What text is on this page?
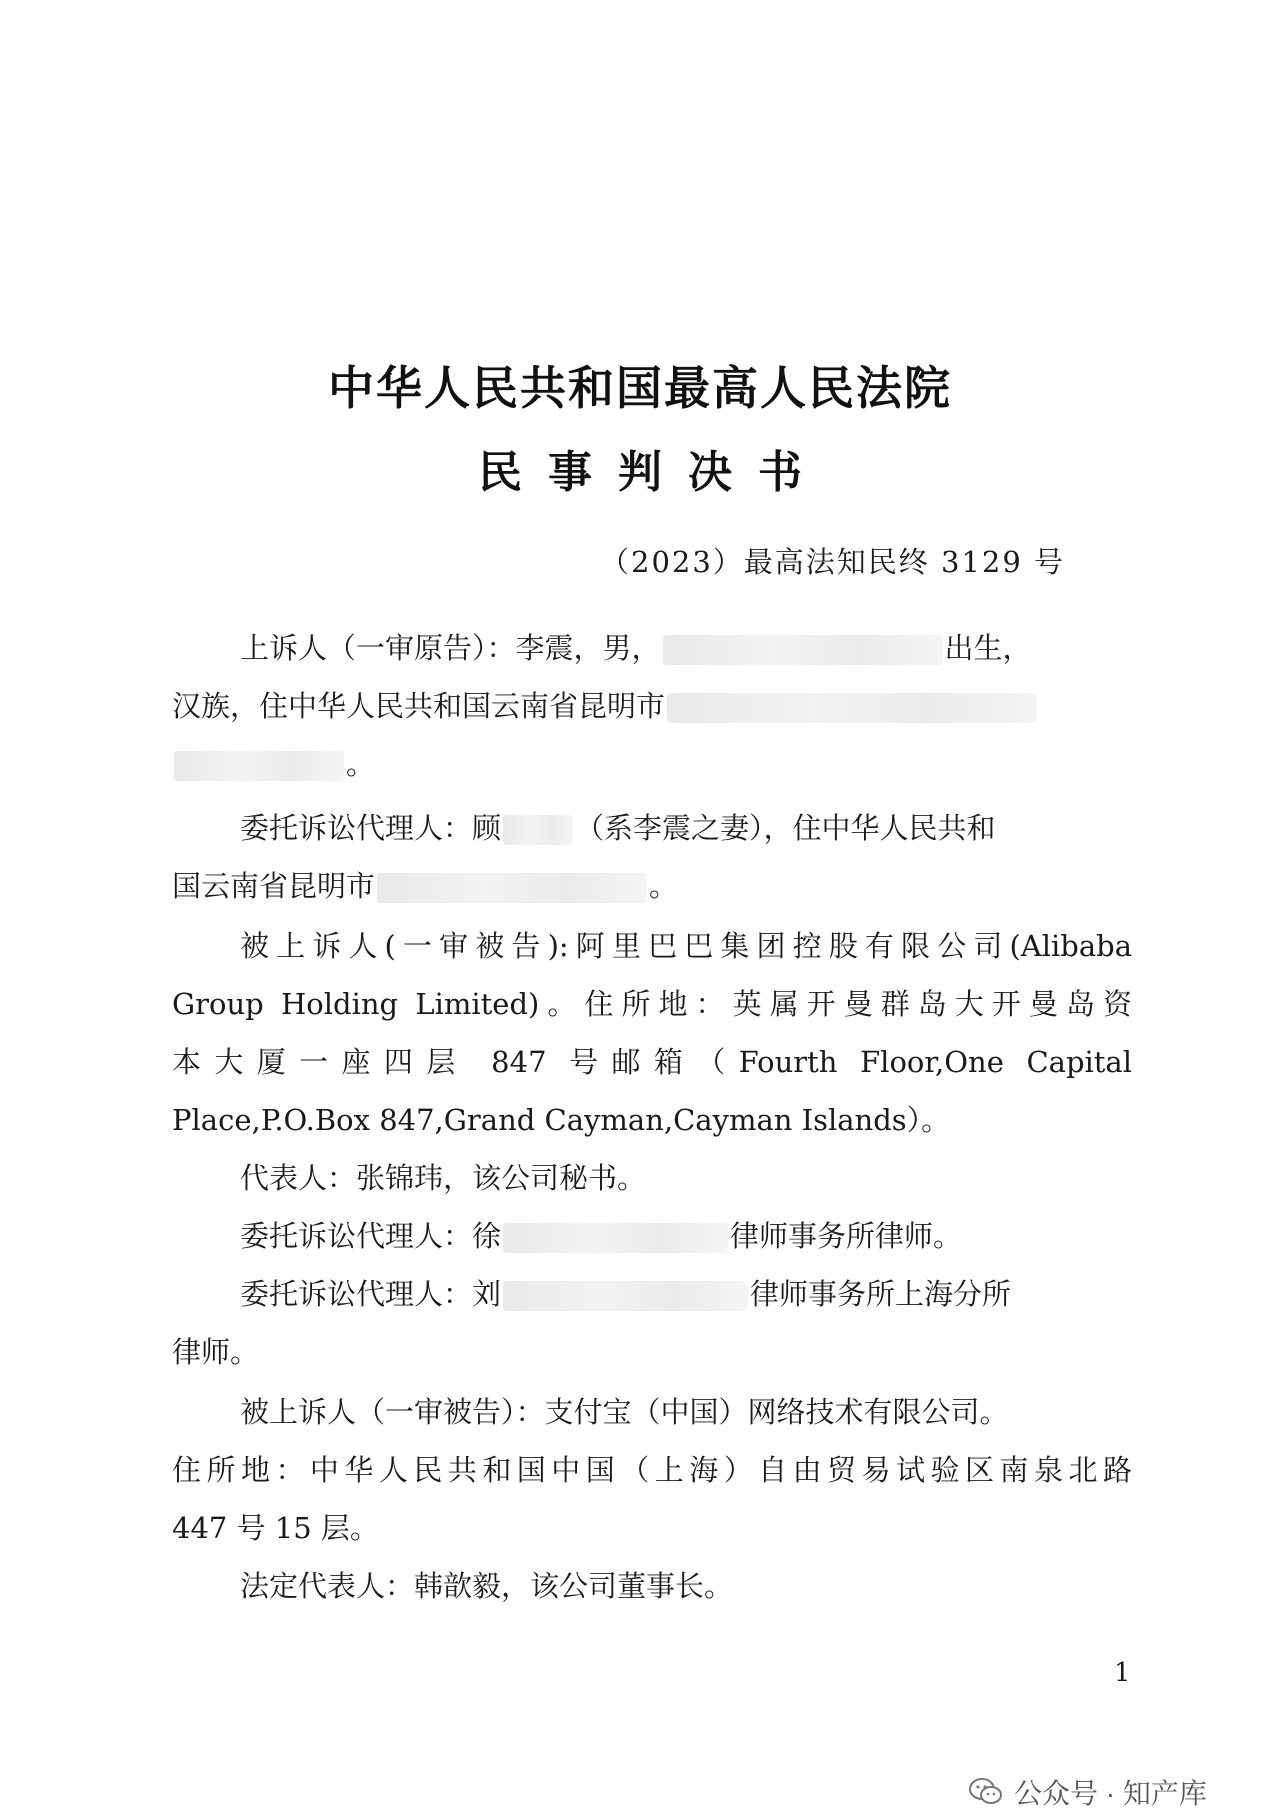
中华人民共和国最高人民法院
民事判决书
（2023）最高法知民终 3129 号
上诉人（一审原告）：李震，男，	出生，
汉族，住中华人民共和国云南省昆明市
。
委托诉讼代理人：顾	（系李震之妻），住中华人民共和
国云南省昆明市	。
被上诉人(一审被告):阿里巴巴集团控股有限公司(Alibaba
Group Holding Limited)。住所地：英属开曼群岛大开曼岛资
本大厦一座四层 847 号邮箱（Fourth Floor,One Capital
Place,P.O.Box 847,Grand Cayman,Cayman Islands）。
代表人：张锦玮，该公司秘书。
委托诉讼代理人：徐	律师事务所律师。
委托诉讼代理人：刘	律师事务所上海分所
律师。
被上诉人（一审被告）：支付宝（中国）网络技术有限公司。
住所地：中华人民共和国中国（上海）自由贸易试验区南泉北路
447 号 15 层。
法定代表人：韩歆毅，该公司董事长。
1
公众号 · 知产库
